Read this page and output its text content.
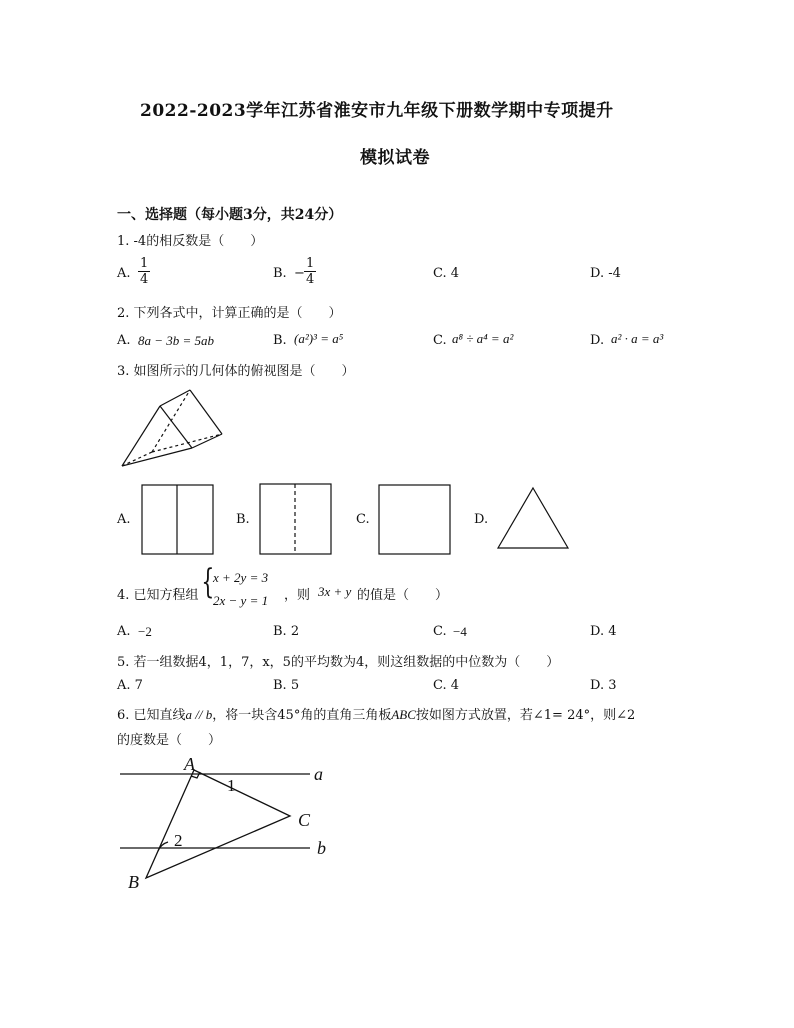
2022-2023学年江苏省淮安市九年级下册数学期中专项提升
模拟试卷
一、选择题（每小题3分，共24分）
1. -4的相反数是（　　）
A. $\frac{1}{4}$	B. − $\frac{1}{4}$	C. 4	D. -4
2. 下列各式中，计算正确的是（　　）
A. 8a − 3b = 5ab	B. (a²)³ = a⁵	C. a⁸ ÷ a⁴ = a²	D. a² · a = a³
3. 如图所示的几何体的俯视图是（　　）
A.	B.	C.	D.
4. 已知方程组 {
x + 2y = 3
2x − y = 1 ，则 3x + y 的值是（　　）
A. −2	B. 2	C. −4	D. 4
5. 若一组数据4，1，7，x，5的平均数为4，则这组数据的中位数为（　　）
A. 7	B. 5	C. 4	D. 3
6. 已知直线a // b，将一块含45°角的直角三角板ABC按如图方式放置，若∠1= 24°，则∠2
的度数是（　　）
A	a
1
C
2	b
B
